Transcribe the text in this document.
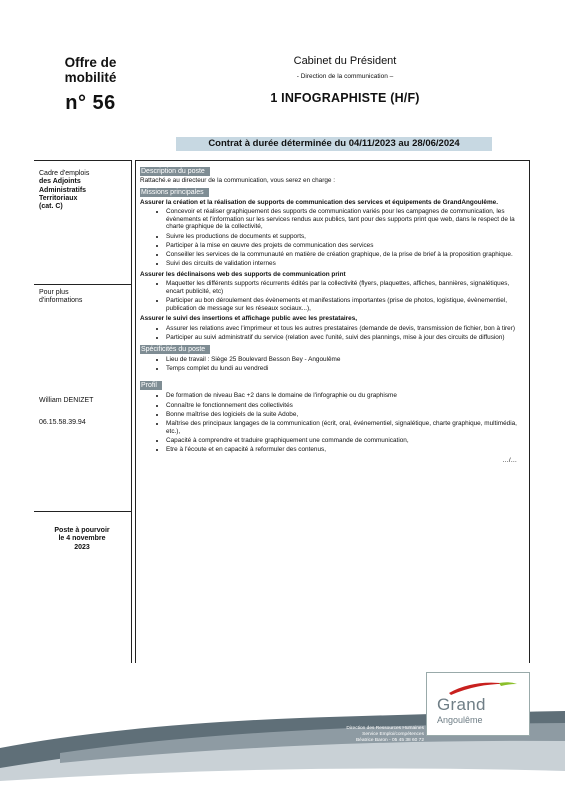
Offre de
mobilité
n° 56
Cabinet du Président
- Direction de la communication –
1 INFOGRAPHISTE (H/F)
Contrat à durée déterminée du 04/11/2023 au 28/06/2024
Cadre d'emplois
des Adjoints
Administratifs
Territoriaux
(cat. C)
Pour plus
d'informations
William DENIZET
06.15.58.39.94
Poste à pourvoir
le 4 novembre
2023
Description du poste
Rattaché.e au directeur de la communication, vous serez en charge :
Missions principales
Assurer la création et la réalisation de supports de communication des services et équipements de GrandAngoulême.
• Concevoir et réaliser graphiquement des supports de communication variés pour les campagnes de communication, les évènements et l'information sur les services rendus aux publics, tant pour des supports print que web, dans le respect de la charte graphique de la collectivité,
• Suivre les productions de documents et supports,
• Participer à la mise en œuvre des projets de communication des services
• Conseiller les services de la communauté en matière de création graphique, de la prise de brief à la proposition graphique.
• Suivi des circuits de validation internes
Assurer les déclinaisons web des supports de communication print
• Maquetter les différents supports récurrents édités par la collectivité (flyers, plaquettes, affiches, bannières, signalétiques, encart publicité, etc)
• Participer au bon déroulement des évènements et manifestations importantes (prise de photos, logistique, évènementiel, publication de message sur les réseaux sociaux...),
Assurer le suivi des insertions et affichage public avec les prestataires,
• Assurer les relations avec l'imprimeur et tous les autres prestataires (demande de devis, transmission de fichier, bon à tirer)
• Participer au suivi administratif du service (relation avec l'unité, suivi des plannings, mise à jour des circuits de diffusion)
Spécificités du poste
• Lieu de travail : Siège 25 Boulevard Besson Bey - Angoulême
• Temps complet du lundi au vendredi
Profil
• De formation de niveau Bac +2 dans le domaine de l'infographie ou du graphisme
• Connaître le fonctionnement des collectivités
• Bonne maîtrise des logiciels de la suite Adobe,
• Maîtrise des principaux langages de la communication (écrit, oral, événementiel, signalétique, charte graphique, multimédia, etc.),
• Capacité à comprendre et traduire graphiquement une commande de communication,
• Etre à l'écoute et en capacité à reformuler des contenus,
…/…
Direction des Ressources Humaines
Service Emploi/compétences
Béatrice Baron - 05 45 38 60 72
Grand
Angoulême
